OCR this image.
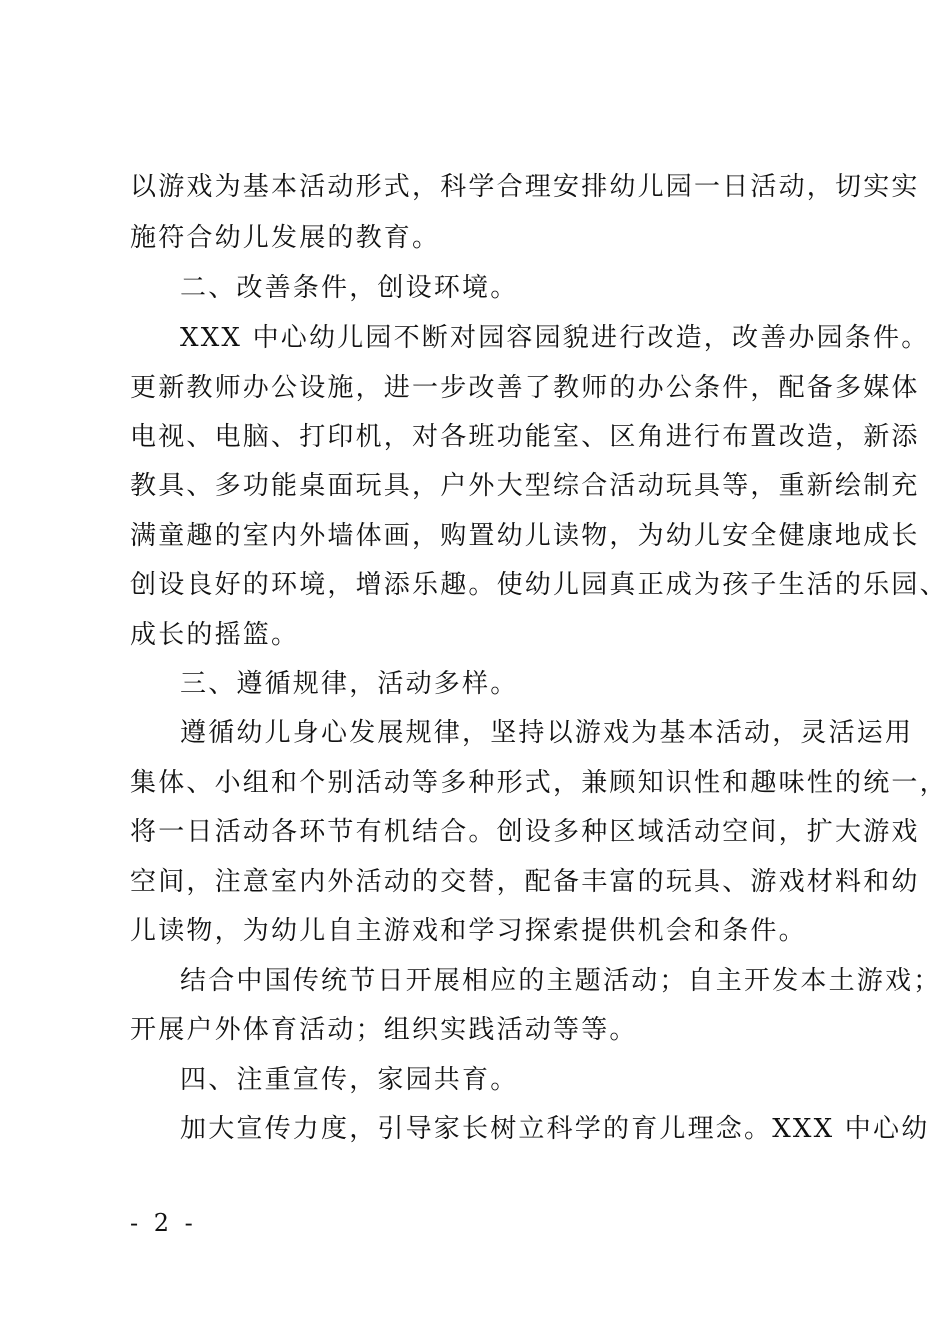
以游戏为基本活动形式，科学合理安排幼儿园一日活动，切实实
施符合幼儿发展的教育。
二、改善条件，创设环境。
XXX 中心幼儿园不断对园容园貌进行改造，改善办园条件。
更新教师办公设施，进一步改善了教师的办公条件，配备多媒体
电视、电脑、打印机，对各班功能室、区角进行布置改造，新添
教具、多功能桌面玩具，户外大型综合活动玩具等，重新绘制充
满童趣的室内外墙体画，购置幼儿读物，为幼儿安全健康地成长
创设良好的环境，增添乐趣。使幼儿园真正成为孩子生活的乐园、
成长的摇篮。
三、遵循规律，活动多样。
遵循幼儿身心发展规律，坚持以游戏为基本活动，灵活运用
集体、小组和个别活动等多种形式，兼顾知识性和趣味性的统一，
将一日活动各环节有机结合。创设多种区域活动空间，扩大游戏
空间，注意室内外活动的交替，配备丰富的玩具、游戏材料和幼
儿读物，为幼儿自主游戏和学习探索提供机会和条件。
结合中国传统节日开展相应的主题活动；自主开发本土游戏；
开展户外体育活动；组织实践活动等等。
四、注重宣传，家园共育。
加大宣传力度，引导家长树立科学的育儿理念。XXX 中心幼
- 2 -
